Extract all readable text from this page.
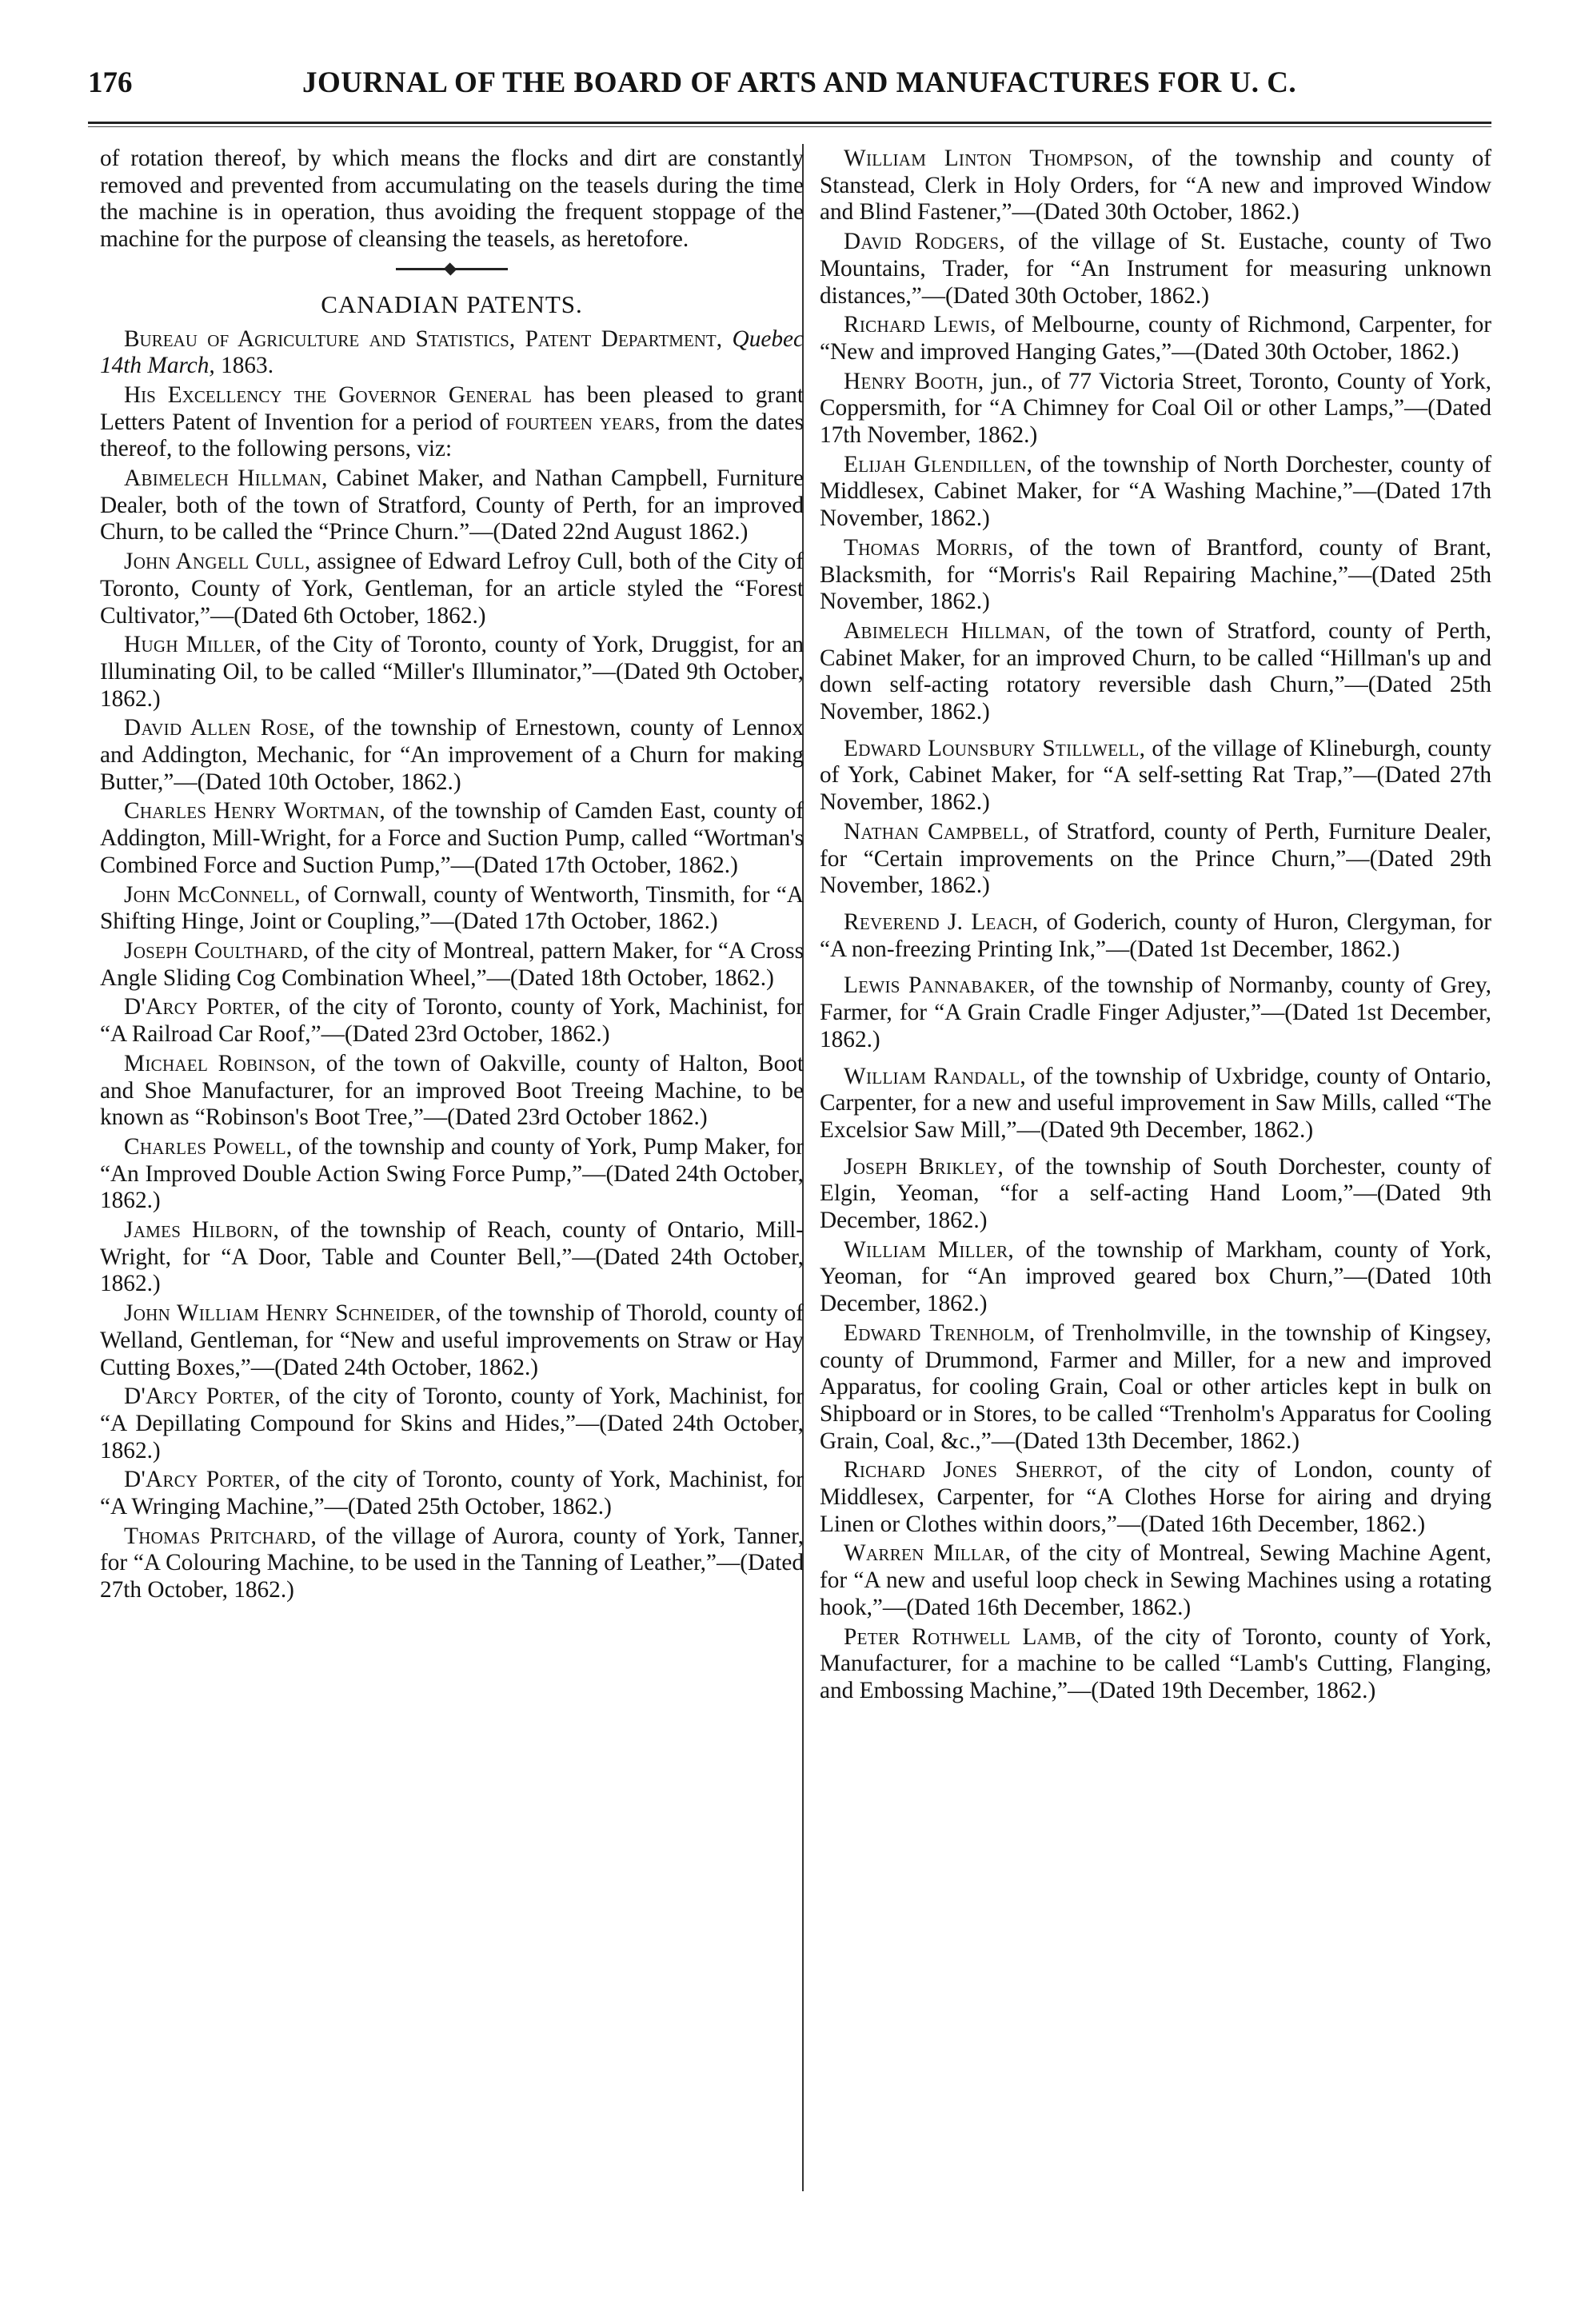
176	JOURNAL OF THE BOARD OF ARTS AND MANUFACTURES FOR U. C.

of rotation thereof, by which means the flocks and dirt are constantly removed and prevented from accumulating on the teasels during the time the machine is in operation, thus avoiding the frequent stoppage of the machine for the purpose of cleansing the teasels, as heretofore.

CANADIAN PATENTS.

Bureau of Agriculture and Statistics, Patent Department, Quebec 14th March, 1863.

His Excellency the Governor General has been pleased to grant Letters Patent of Invention for a period of fourteen years, from the dates thereof, to the following persons, viz:

Abimelech Hillman, Cabinet Maker, and Nathan Campbell, Furniture Dealer, both of the town of Stratford, County of Perth, for an improved Churn, to be called the “Prince Churn.”—(Dated 22nd August 1862.)

John Angell Cull, assignee of Edward Lefroy Cull, both of the City of Toronto, County of York, Gentleman, for an article styled the “Forest Cultivator,”—(Dated 6th October, 1862.)

Hugh Miller, of the City of Toronto, county of York, Druggist, for an Illuminating Oil, to be called “Miller's Illuminator,”—(Dated 9th October, 1862.)

David Allen Rose, of the township of Ernestown, county of Lennox and Addington, Mechanic, for “An improvement of a Churn for making Butter,”—(Dated 10th October, 1862.)

Charles Henry Wortman, of the township of Camden East, county of Addington, Mill-Wright, for a Force and Suction Pump, called “Wortman's Combined Force and Suction Pump,”—(Dated 17th October, 1862.)

John McConnell, of Cornwall, county of Wentworth, Tinsmith, for “A Shifting Hinge, Joint or Coupling,”—(Dated 17th October, 1862.)

Joseph Coulthard, of the city of Montreal, pattern Maker, for “A Cross Angle Sliding Cog Combination Wheel,”—(Dated 18th October, 1862.)

D'Arcy Porter, of the city of Toronto, county of York, Machinist, for “A Railroad Car Roof,”—(Dated 23rd October, 1862.)

Michael Robinson, of the town of Oakville, county of Halton, Boot and Shoe Manufacturer, for an improved Boot Treeing Machine, to be known as “Robinson's Boot Tree,”—(Dated 23rd October 1862.)

Charles Powell, of the township and county of York, Pump Maker, for “An Improved Double Action Swing Force Pump,”—(Dated 24th October, 1862.)

James Hilborn, of the township of Reach, county of Ontario, Mill-Wright, for “A Door, Table and Counter Bell,”—(Dated 24th October, 1862.)

John William Henry Schneider, of the township of Thorold, county of Welland, Gentleman, for “New and useful improvements on Straw or Hay Cutting Boxes,”—(Dated 24th October, 1862.)

D'Arcy Porter, of the city of Toronto, county of York, Machinist, for “A Depillating Compound for Skins and Hides,”—(Dated 24th October, 1862.)

D'Arcy Porter, of the city of Toronto, county of York, Machinist, for “A Wringing Machine,”—(Dated 25th October, 1862.)

Thomas Pritchard, of the village of Aurora, county of York, Tanner, for “A Colouring Machine, to be used in the Tanning of Leather,”—(Dated 27th October, 1862.)

William Linton Thompson, of the township and county of Stanstead, Clerk in Holy Orders, for “A new and improved Window and Blind Fastener,”—(Dated 30th October, 1862.)

David Rodgers, of the village of St. Eustache, county of Two Mountains, Trader, for “An Instrument for measuring unknown distances,”—(Dated 30th October, 1862.)

Richard Lewis, of Melbourne, county of Richmond, Carpenter, for “New and improved Hanging Gates,”—(Dated 30th October, 1862.)

Henry Booth, jun., of 77 Victoria Street, Toronto, County of York, Coppersmith, for “A Chimney for Coal Oil or other Lamps,”—(Dated 17th November, 1862.)

Elijah Glendillen, of the township of North Dorchester, county of Middlesex, Cabinet Maker, for “A Washing Machine,”—(Dated 17th November, 1862.)

Thomas Morris, of the town of Brantford, county of Brant, Blacksmith, for “Morris's Rail Repairing Machine,”—(Dated 25th November, 1862.)

Abimelech Hillman, of the town of Stratford, county of Perth, Cabinet Maker, for an improved Churn, to be called “Hillman's up and down self-acting rotatory reversible dash Churn,”—(Dated 25th November, 1862.)

Edward Lounsbury Stillwell, of the village of Klineburgh, county of York, Cabinet Maker, for “A self-setting Rat Trap,”—(Dated 27th November, 1862.)

Nathan Campbell, of Stratford, county of Perth, Furniture Dealer, for “Certain improvements on the Prince Churn,”—(Dated 29th November, 1862.)

Reverend J. Leach, of Goderich, county of Huron, Clergyman, for “A non-freezing Printing Ink,”—(Dated 1st December, 1862.)

Lewis Pannabaker, of the township of Normanby, county of Grey, Farmer, for “A Grain Cradle Finger Adjuster,”—(Dated 1st December, 1862.)

William Randall, of the township of Uxbridge, county of Ontario, Carpenter, for a new and useful improvement in Saw Mills, called “The Excelsior Saw Mill,”—(Dated 9th December, 1862.)

Joseph Brikley, of the township of South Dorchester, county of Elgin, Yeoman, “for a self-acting Hand Loom,”—(Dated 9th December, 1862.)

William Miller, of the township of Markham, county of York, Yeoman, for “An improved geared box Churn,”—(Dated 10th December, 1862.)

Edward Trenholm, of Trenholmville, in the township of Kingsey, county of Drummond, Farmer and Miller, for a new and improved Apparatus, for cooling Grain, Coal or other articles kept in bulk on Shipboard or in Stores, to be called “Trenholm's Apparatus for Cooling Grain, Coal, &c.,”—(Dated 13th December, 1862.)

Richard Jones Sherrot, of the city of London, county of Middlesex, Carpenter, for “A Clothes Horse for airing and drying Linen or Clothes within doors,”—(Dated 16th December, 1862.)

Warren Millar, of the city of Montreal, Sewing Machine Agent, for “A new and useful loop check in Sewing Machines using a rotating hook,”—(Dated 16th December, 1862.)

Peter Rothwell Lamb, of the city of Toronto, county of York, Manufacturer, for a machine to be called “Lamb's Cutting, Flanging, and Embossing Machine,”—(Dated 19th December, 1862.)
